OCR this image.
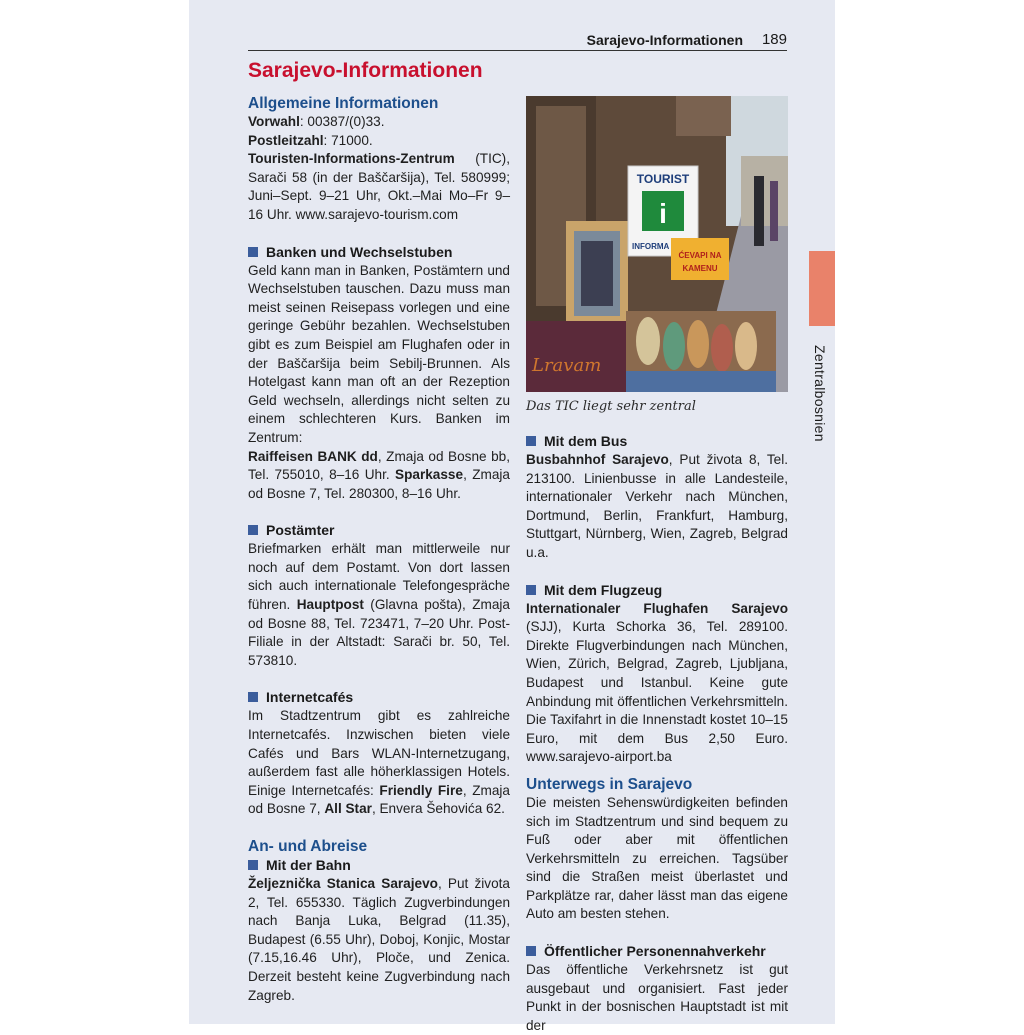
Sarajevo-Informationen 189
Zentralbosnien

Sarajevo-Informationen

Allgemeine Informationen

Vorwahl: 00387/(0)33.

Postleitzahl: 71000.

Touristen-Informations-Zentrum (TIC), Sarači 58 (in der Baščaršija), Tel. 580999; Juni–Sept. 9–21 Uhr, Okt.–Mai Mo–Fr 9–16 Uhr. www.sarajevo-tourism.com

Banken und Wechselstuben

Geld kann man in Banken, Postämtern und Wechselstuben tauschen. Dazu muss man meist seinen Reisepass vorlegen und eine geringe Gebühr bezahlen. Wechselstuben gibt es zum Beispiel am Flughafen oder in der Baščaršija beim Sebilj-Brunnen. Als Hotelgast kann man oft an der Rezeption Geld wechseln, allerdings nicht selten zu einem schlechteren Kurs. Banken im Zentrum:

Raiffeisen BANK dd, Zmaja od Bosne bb, Tel. 755010, 8–16 Uhr. Sparkasse, Zmaja od Bosne 7, Tel. 280300, 8–16 Uhr.

Postämter

Briefmarken erhält man mittlerweile nur noch auf dem Postamt. Von dort lassen sich auch internationale Telefongespräche führen. Hauptpost (Glavna pošta), Zmaja od Bosne 88, Tel. 723471, 7–20 Uhr. Post-Filiale in der Altstadt: Sarači br. 50, Tel. 573810.

Internetcafés

Im Stadtzentrum gibt es zahlreiche Internetcafés. Inzwischen bieten viele Cafés und Bars WLAN-Internetzugang, außerdem fast alle höherklassigen Hotels. Einige Internetcafés: Friendly Fire, Zmaja od Bosne 7, All Star, Envera Šehovića 62.

An- und Abreise

Mit der Bahn

Željeznička Stanica Sarajevo, Put života 2, Tel. 655330. Täglich Zugverbindungen nach Banja Luka, Belgrad (11.35), Budapest (6.55 Uhr), Doboj, Konjic, Mostar (7.15,16.46 Uhr), Ploče, und Zenica. Derzeit besteht keine Zugverbindung nach Zagreb.

TOURIST
i
INFORMA
ĆEVAPI NA
KAMENU
Lravam

Das TIC liegt sehr zentral

Mit dem Bus

Busbahnhof Sarajevo, Put života 8, Tel. 213100. Linienbusse in alle Landesteile, internationaler Verkehr nach München, Dortmund, Berlin, Frankfurt, Hamburg, Stuttgart, Nürnberg, Wien, Zagreb, Belgrad u.a.

Mit dem Flugzeug

Internationaler Flughafen Sarajevo (SJJ), Kurta Schorka 36, Tel. 289100. Direkte Flugverbindungen nach München, Wien, Zürich, Belgrad, Zagreb, Ljubljana, Budapest und Istanbul. Keine gute Anbindung mit öffentlichen Verkehrsmitteln. Die Taxifahrt in die Innenstadt kostet 10–15 Euro, mit dem Bus 2,50 Euro. www.sarajevo-airport.ba

Unterwegs in Sarajevo

Die meisten Sehenswürdigkeiten befinden sich im Stadtzentrum und sind bequem zu Fuß oder aber mit öffentlichen Verkehrsmitteln zu erreichen. Tagsüber sind die Straßen meist überlastet und Parkplätze rar, daher lässt man das eigene Auto am besten stehen.

Öffentlicher Personennahverkehr

Das öffentliche Verkehrsnetz ist gut ausgebaut und organisiert. Fast jeder Punkt in der bosnischen Hauptstadt ist mit der
